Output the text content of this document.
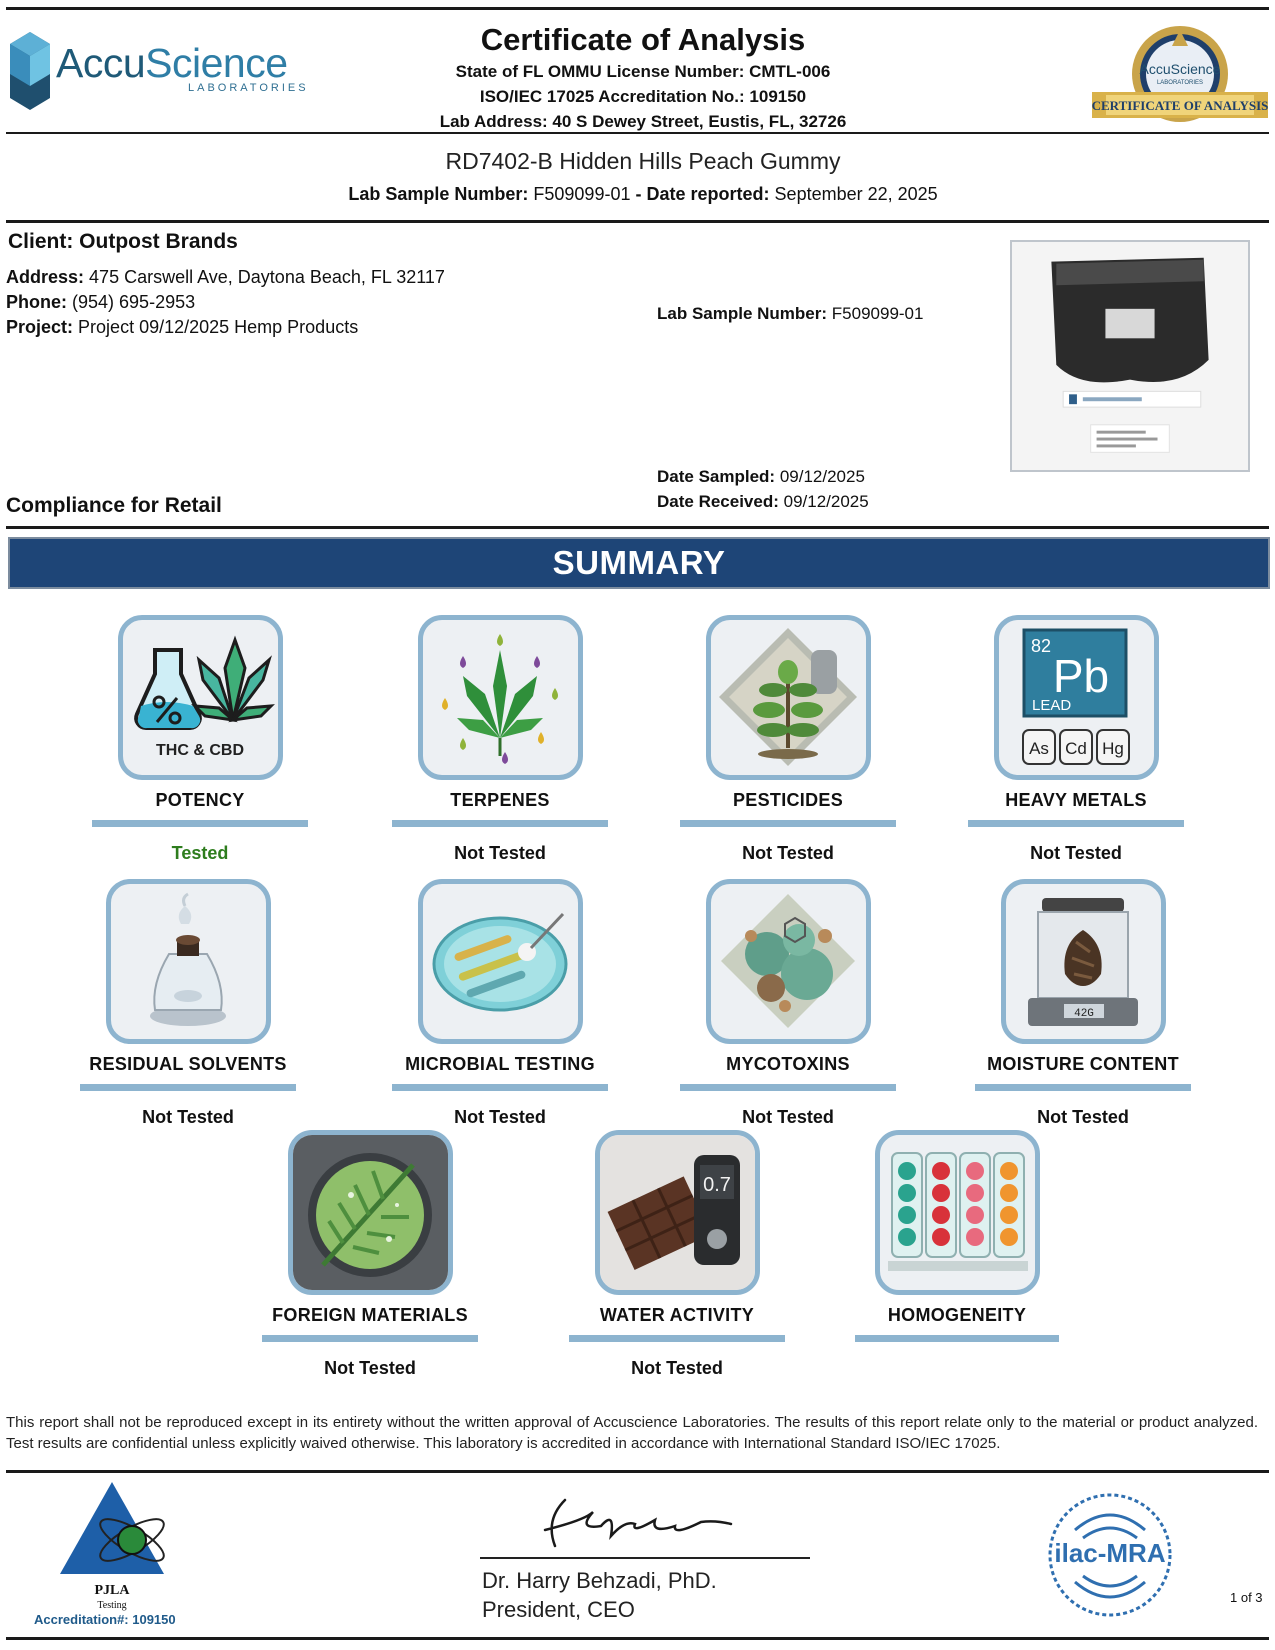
AccuScience
LABORATORIES
Certificate of Analysis
State of FL OMMU License Number: CMTL-006
ISO/IEC 17025 Accreditation No.: 109150
Lab Address: 40 S Dewey Street, Eustis, FL, 32726
AccuScience
LABORATORIES
CERTIFICATE OF ANALYSIS
RD7402-B Hidden Hills Peach Gummy
Lab Sample Number: F509099-01 - Date reported: September 22, 2025
Client: Outpost Brands
Address: 475 Carswell Ave, Daytona Beach, FL 32117
Phone: (954) 695-2953
Project: Project 09/12/2025 Hemp Products
Lab Sample Number: F509099-01
Date Sampled: 09/12/2025
Date Received: 09/12/2025
Compliance for Retail
SUMMARY
THC & CBD
POTENCY
Tested
TERPENES
Not Tested
PESTICIDES
Not Tested
82
Pb
LEAD
As Cd Hg
HEAVY METALS
Not Tested
RESIDUAL SOLVENTS
Not Tested
MICROBIAL TESTING
Not Tested
MYCOTOXINS
Not Tested
42G
MOISTURE CONTENT
Not Tested
FOREIGN MATERIALS
Not Tested
0.7
WATER ACTIVITY
Not Tested
HOMOGENEITY
This report shall not be reproduced except in its entirety without the written approval of Accuscience Laboratories. The results of this report relate only to the material or product analyzed. Test results are confidential unless explicitly waived otherwise. This laboratory is accredited in accordance with International Standard ISO/IEC 17025.
PJLA
Testing
Accreditation#: 109150
Dr. Harry Behzadi, PhD.
President, CEO
ilac-MRA
1 of 3
